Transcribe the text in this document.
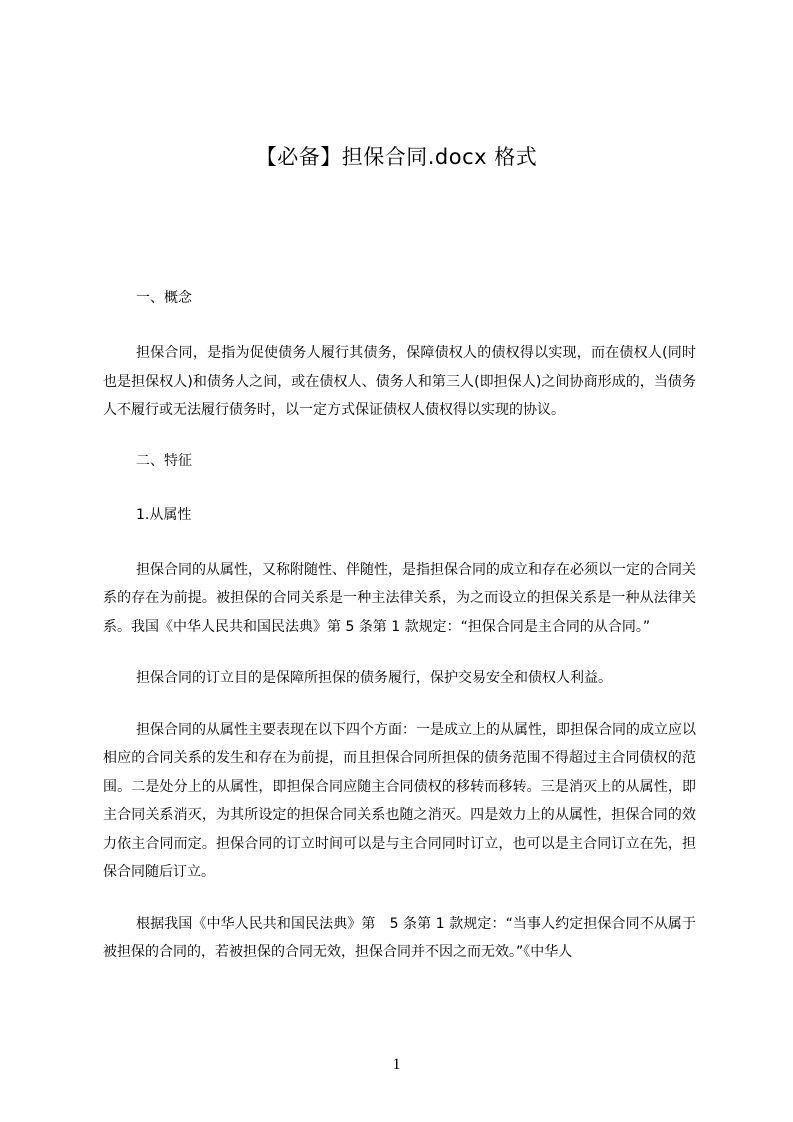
【必备】担保合同.docx 格式
一、概念

担保合同，是指为促使债务人履行其债务，保障债权人的债权得以实现，而在债权人(同时也是担保权人)和债务人之间，或在债权人、债务人和第三人(即担保人)之间协商形成的，当债务人不履行或无法履行债务时，以一定方式保证债权人债权得以实现的协议。

二、特征
1.从属性

担保合同的从属性，又称附随性、伴随性，是指担保合同的成立和存在必须以一定的合同关系的存在为前提。被担保的合同关系是一种主法律关系，为之而设立的担保关系是一种从法律关系。我国《中华人民共和国民法典》第 5 条第 1 款规定：“担保合同是主合同的从合同。”

担保合同的订立目的是保障所担保的债务履行，保护交易安全和债权人利益。

担保合同的从属性主要表现在以下四个方面：一是成立上的从属性，即担保合同的成立应以相应的合同关系的发生和存在为前提，而且担保合同所担保的债务范围不得超过主合同债权的范围。二是处分上的从属性，即担保合同应随主合同债权的移转而移转。三是消灭上的从属性，即主合同关系消灭，为其所设定的担保合同关系也随之消灭。四是效力上的从属性，担保合同的效力依主合同而定。担保合同的订立时间可以是与主合同同时订立，也可以是主合同订立在先，担保合同随后订立。

根据我国《中华人民共和国民法典》第　5 条第 1 款规定：“当事人约定担保合同不从属于被担保的合同的，若被担保的合同无效，担保合同并不因之而无效。”《中华人

1
